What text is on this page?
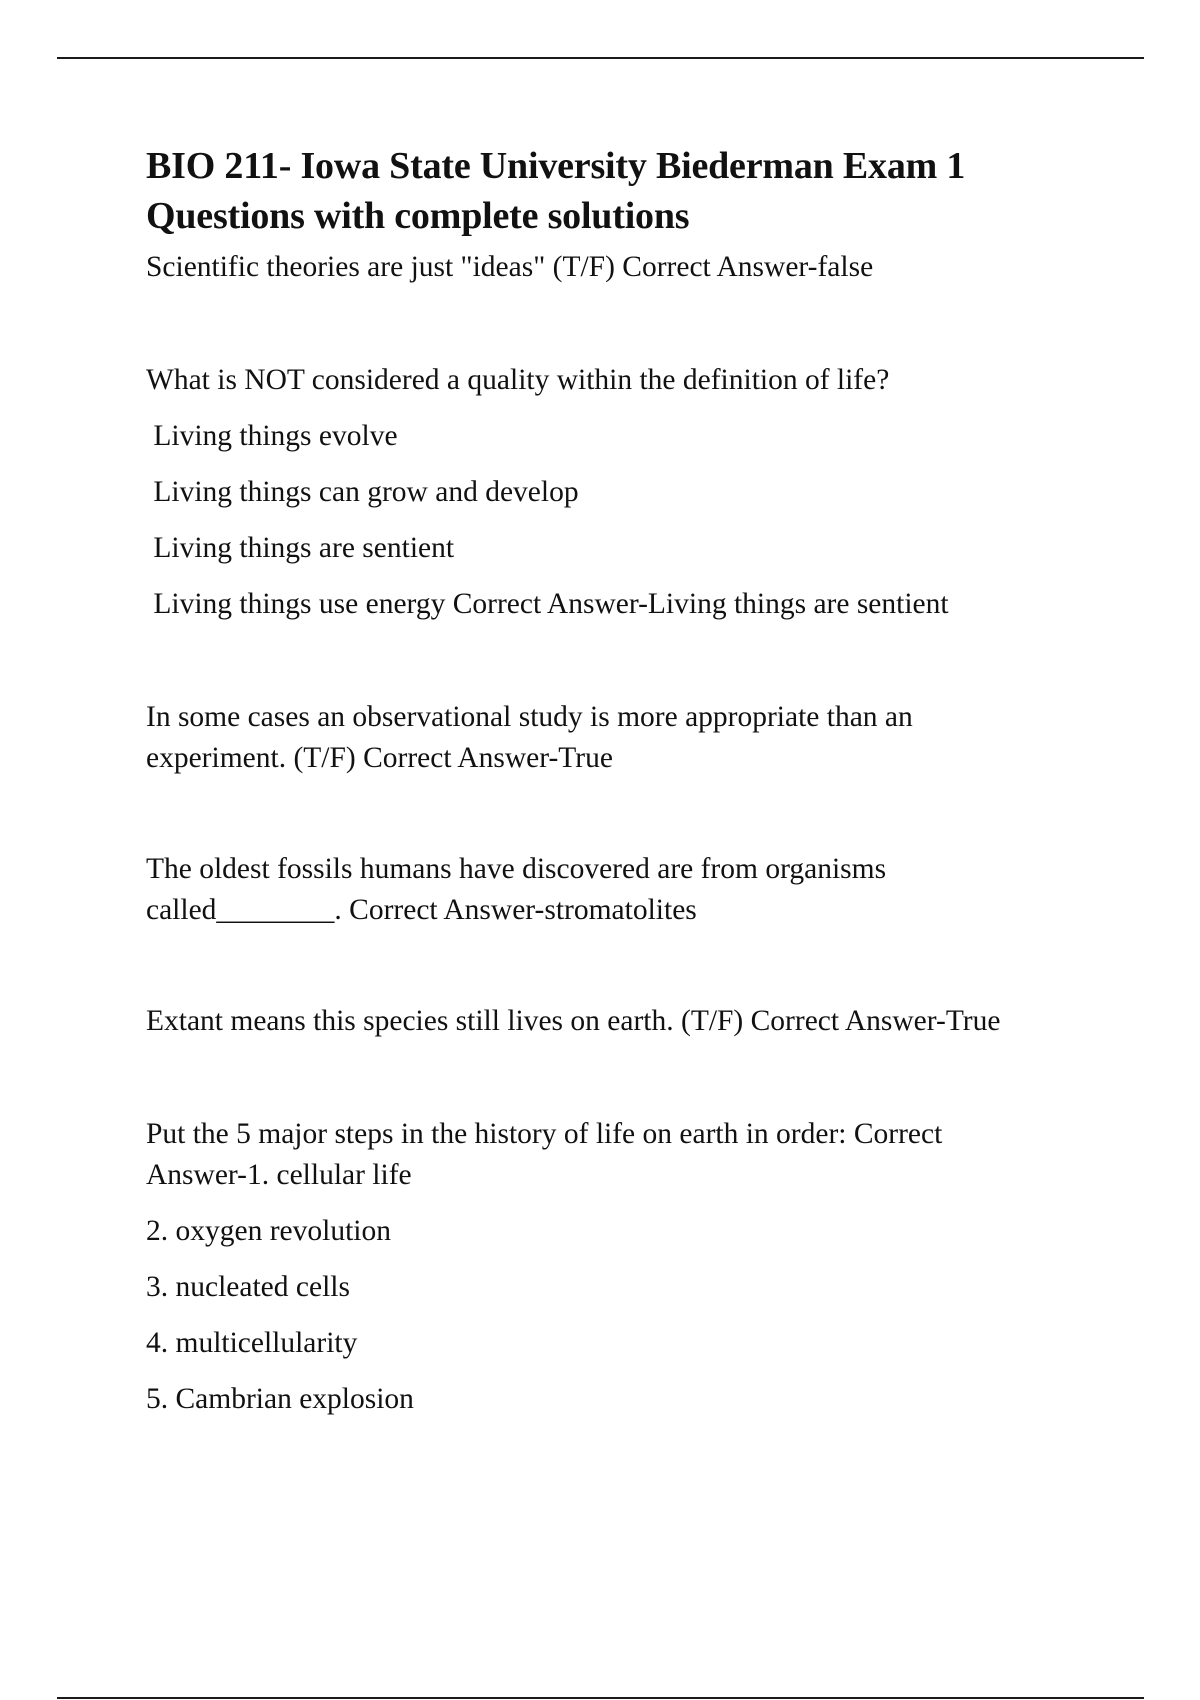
BIO 211- Iowa State University Biederman Exam 1
Questions with complete solutions
Scientific theories are just "ideas" (T/F) Correct Answer-false
What is NOT considered a quality within the definition of life?
Living things evolve
Living things can grow and develop
Living things are sentient
Living things use energy Correct Answer-Living things are sentient
In some cases an observational study is more appropriate than an
experiment. (T/F) Correct Answer-True
The oldest fossils humans have discovered are from organisms
called________. Correct Answer-stromatolites
Extant means this species still lives on earth. (T/F) Correct Answer-True
Put the 5 major steps in the history of life on earth in order: Correct
Answer-1. cellular life
2. oxygen revolution
3. nucleated cells
4. multicellularity
5. Cambrian explosion
